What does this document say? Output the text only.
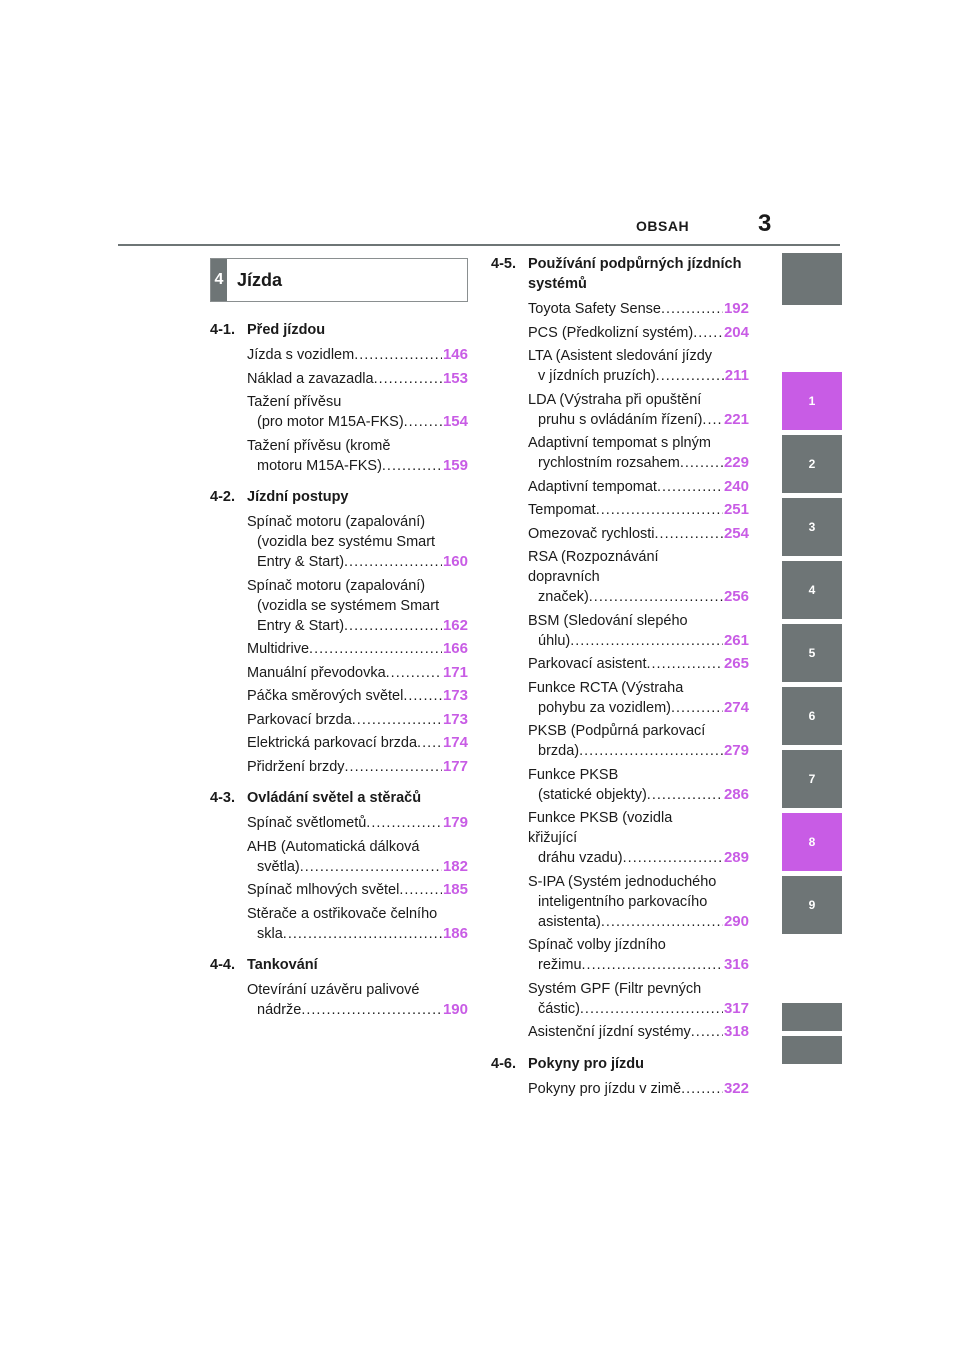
OBSAH	3
4 Jízda
4-1. Před jízdou
Jízda s vozidlem .....	146
Náklad a zavazadla .....	153
Tažení přívěsu
(pro motor M15A-FKS) .....	154
Tažení přívěsu (kromě
motoru M15A-FKS) .....	159
4-2. Jízdní postupy
Spínač motoru (zapalování)
(vozidla bez systému Smart
Entry & Start) .....	160
Spínač motoru (zapalování)
(vozidla se systémem Smart
Entry & Start) .....	162
Multidrive .....	166
Manuální převodovka .....	171
Páčka směrových světel .....	173
Parkovací brzda .....	173
Elektrická parkovací brzda ..... 174
Přidržení brzdy .....	177
4-3. Ovládání světel a stěračů
Spínač světlometů .....	179
AHB (Automatická dálková
světla) .....	182
Spínač mlhových světel .....	185
Stěrače a ostřikovače čelního
skla .....	186
4-4. Tankování
Otevírání uzávěru palivové
nádrže .....	190
4-5. Používání podpůrných jízdních systémů
Toyota Safety Sense .....	192
PCS (Předkolizní systém) ..... 204
LTA (Asistent sledování jízdy
v jízdních pruzích) .....	211
LDA (Výstraha při opuštění
pruhu s ovládáním řízení) ..... 221
Adaptivní tempomat s plným
rychlostním rozsahem .....	229
Adaptivní tempomat .....	240
Tempomat .....	251
Omezovač rychlosti .....	254
RSA (Rozpoznávání dopravních
značek) .....	256
BSM (Sledování slepého
úhlu) .....	261
Parkovací asistent .....	265
Funkce RCTA (Výstraha
pohybu za vozidlem) .....	274
PKSB (Podpůrná parkovací
brzda) .....	279
Funkce PKSB
(statické objekty) .....	286
Funkce PKSB (vozidla křižující
dráhu vzadu) .....	289
S-IPA (Systém jednoduchého
inteligentního parkovacího
asistenta) .....	290
Spínač volby jízdního
režimu .....	316
Systém GPF (Filtr pevných
částic) .....	317
Asistenční jízdní systémy ..... 318
4-6. Pokyny pro jízdu
Pokyny pro jízdu v zimě .....	322
1
2
3
4
5
6
7
8
9
